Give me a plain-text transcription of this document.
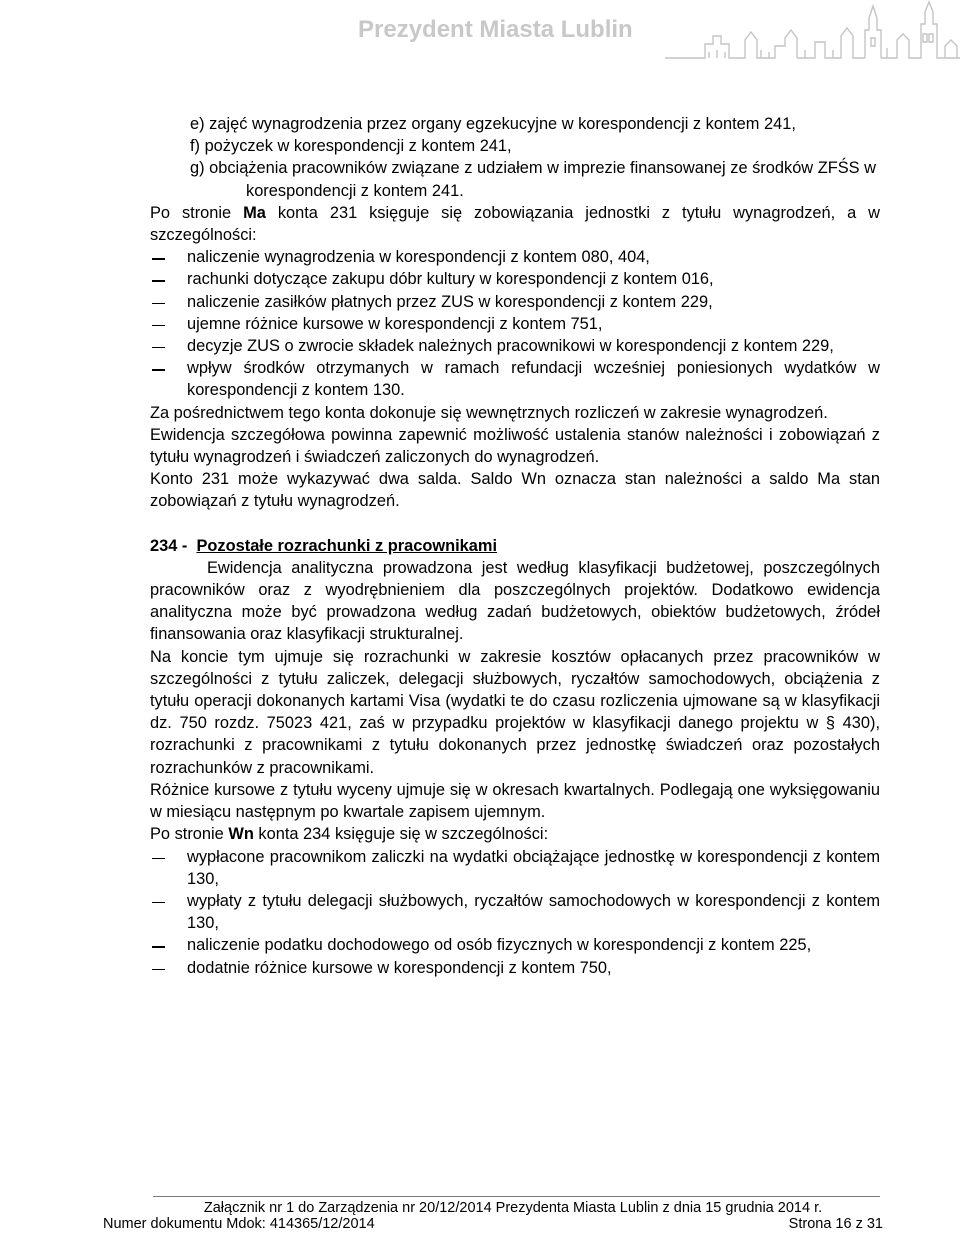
Prezydent Miasta Lublin

e) zajęć wynagrodzenia przez organy egzekucyjne w korespondencji z kontem 241,

f) pożyczek w korespondencji z kontem 241,

g) obciążenia pracowników związane z udziałem w imprezie finansowanej ze środków ZFŚS w korespondencji z kontem 241.

Po stronie Ma konta 231 księguje się zobowiązania jednostki z tytułu wynagrodzeń, a w szczególności:

naliczenie wynagrodzenia w korespondencji z kontem 080, 404,
rachunki dotyczące zakupu dóbr kultury w korespondencji z kontem 016,
naliczenie zasiłków płatnych przez ZUS w korespondencji z kontem 229,
ujemne różnice kursowe w korespondencji z kontem 751,
decyzje ZUS o zwrocie składek należnych pracownikowi w korespondencji z kontem 229,
wpływ środków otrzymanych w ramach refundacji wcześniej poniesionych wydatków w korespondencji z kontem 130.

Za pośrednictwem tego konta dokonuje się wewnętrznych rozliczeń w zakresie wynagrodzeń.

Ewidencja szczegółowa powinna zapewnić możliwość ustalenia stanów należności i zobowiązań z tytułu wynagrodzeń i świadczeń zaliczonych do wynagrodzeń.

Konto 231 może wykazywać dwa salda. Saldo Wn oznacza stan należności a saldo Ma stan zobowiązań z tytułu wynagrodzeń.

234 - Pozostałe rozrachunki z pracownikami

Ewidencja analityczna prowadzona jest według klasyfikacji budżetowej, poszczególnych pracowników oraz z wyodrębnieniem dla poszczególnych projektów. Dodatkowo ewidencja analityczna może być prowadzona według zadań budżetowych, obiektów budżetowych, źródeł finansowania oraz klasyfikacji strukturalnej.

Na koncie tym ujmuje się rozrachunki w zakresie kosztów opłacanych przez pracowników w szczególności z tytułu zaliczek, delegacji służbowych, ryczałtów samochodowych, obciążenia z tytułu operacji dokonanych kartami Visa (wydatki te do czasu rozliczenia ujmowane są w klasyfikacji dz. 750 rozdz. 75023 421, zaś w przypadku projektów w klasyfikacji danego projektu w § 430), rozrachunki z pracownikami z tytułu dokonanych przez jednostkę świadczeń oraz pozostałych rozrachunków z pracownikami.

Różnice kursowe z tytułu wyceny ujmuje się w okresach kwartalnych. Podlegają one wyksięgowaniu w miesiącu następnym po kwartale zapisem ujemnym.

Po stronie Wn konta 234 księguje się w szczególności:

wypłacone pracownikom zaliczki na wydatki obciążające jednostkę w korespondencji z kontem 130,
wypłaty z tytułu delegacji służbowych, ryczałtów samochodowych w korespondencji z kontem 130,
naliczenie podatku dochodowego od osób fizycznych w korespondencji z kontem 225,
dodatnie różnice kursowe w korespondencji z kontem 750,
Załącznik nr 1 do Zarządzenia nr 20/12/2014 Prezydenta Miasta Lublin z dnia 15 grudnia 2014 r.
Numer dokumentu Mdok: 414365/12/2014	Strona 16 z 31
